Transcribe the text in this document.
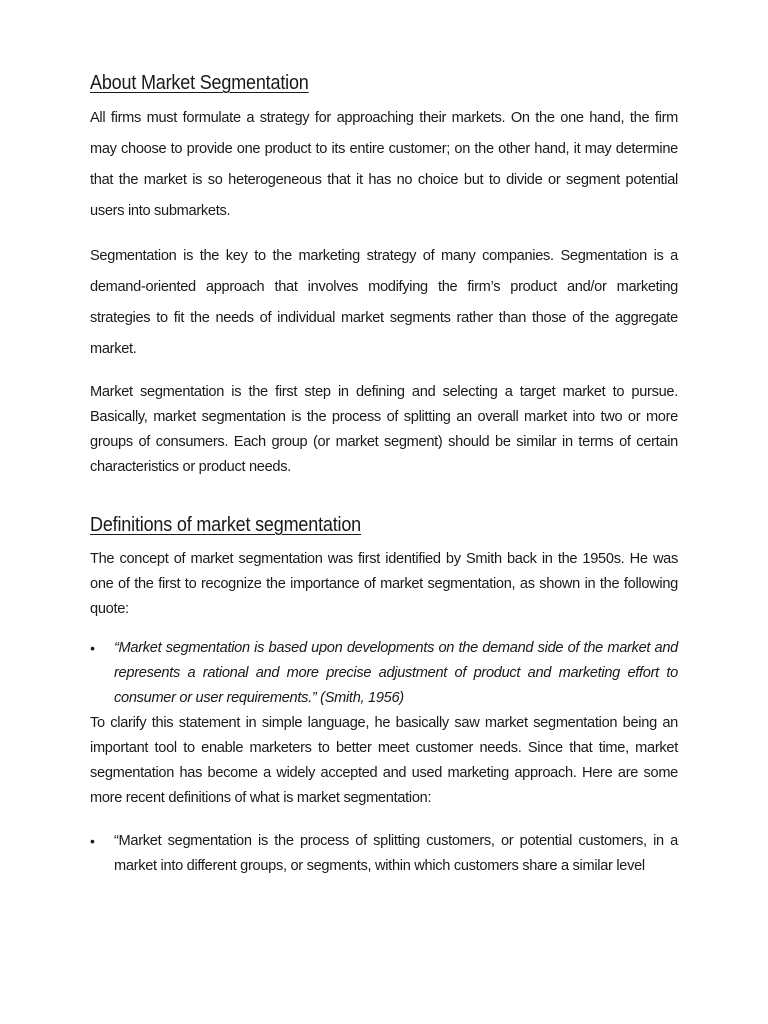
About Market Segmentation

All firms must formulate a strategy for approaching their markets. On the one hand, the firm may choose to provide one product to its entire customer; on the other hand, it may determine that the market is so heterogeneous that it has no choice but to divide or segment potential users into submarkets.

Segmentation is the key to the marketing strategy of many companies. Segmentation is a demand-oriented approach that involves modifying the firm’s product and/or marketing strategies to fit the needs of individual market segments rather than those of the aggregate market.

Market segmentation is the first step in defining and selecting a target market to pursue. Basically, market segmentation is the process of splitting an overall market into two or more groups of consumers. Each group (or market segment) should be similar in terms of certain characteristics or product needs.

Definitions of market segmentation

The concept of market segmentation was first identified by Smith back in the 1950s. He was one of the first to recognize the importance of market segmentation, as shown in the following quote:

• “Market segmentation is based upon developments on the demand side of the market and represents a rational and more precise adjustment of product and marketing effort to consumer or user requirements.” (Smith, 1956)

To clarify this statement in simple language, he basically saw market segmentation being an important tool to enable marketers to better meet customer needs. Since that time, market segmentation has become a widely accepted and used marketing approach. Here are some more recent definitions of what is market segmentation:

• “Market segmentation is the process of splitting customers, or potential customers, in a market into different groups, or segments, within which customers share a similar level
